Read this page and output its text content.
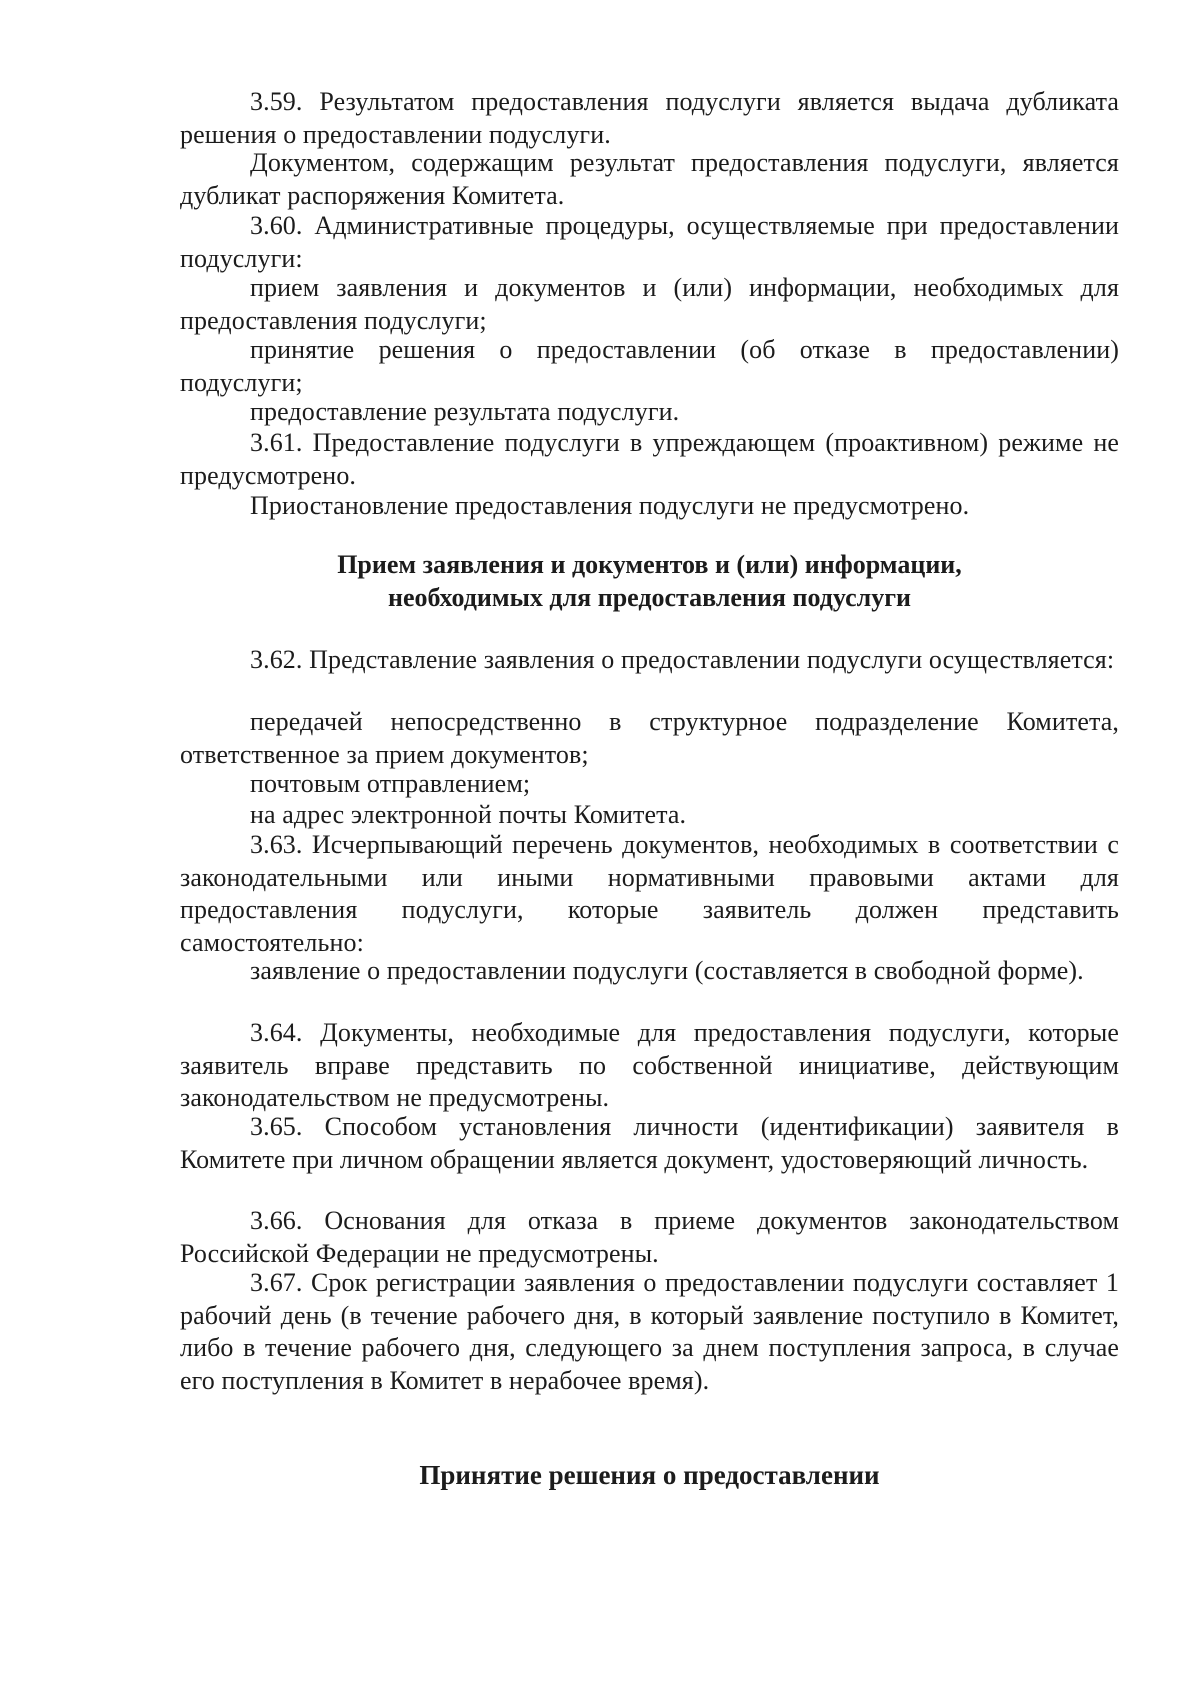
3.59. Результатом предоставления подуслуги является выдача дубликата решения о предоставлении подуслуги.

Документом, содержащим результат предоставления подуслуги, является дубликат распоряжения Комитета.

3.60. Административные процедуры, осуществляемые при предоставлении подуслуги:

прием заявления и документов и (или) информации, необходимых для предоставления подуслуги;

принятие решения о предоставлении (об отказе в предоставлении) подуслуги;

предоставление результата подуслуги.

3.61. Предоставление подуслуги в упреждающем (проактивном) режиме не предусмотрено.

Приостановление предоставления подуслуги не предусмотрено.

Прием заявления и документов и (или) информации,
необходимых для предоставления подуслуги

3.62. Представление заявления о предоставлении подуслуги осуществляется:

передачей непосредственно в структурное подразделение Комитета, ответственное за прием документов;

почтовым отправлением;

на адрес электронной почты Комитета.

3.63. Исчерпывающий перечень документов, необходимых в соответствии с законодательными или иными нормативными правовыми актами для предоставления подуслуги, которые заявитель должен представить самостоятельно:

заявление о предоставлении подуслуги (составляется в свободной форме).

3.64. Документы, необходимые для предоставления подуслуги, которые заявитель вправе представить по собственной инициативе, действующим законодательством не предусмотрены.

3.65. Способом установления личности (идентификации) заявителя в Комитете при личном обращении является документ, удостоверяющий личность.

3.66. Основания для отказа в приеме документов законодательством Российской Федерации не предусмотрены.

3.67. Срок регистрации заявления о предоставлении подуслуги составляет 1 рабочий день (в течение рабочего дня, в который заявление поступило в Комитет, либо в течение рабочего дня, следующего за днем поступления запроса, в случае его поступления в Комитет в нерабочее время).

Принятие решения о предоставлении
